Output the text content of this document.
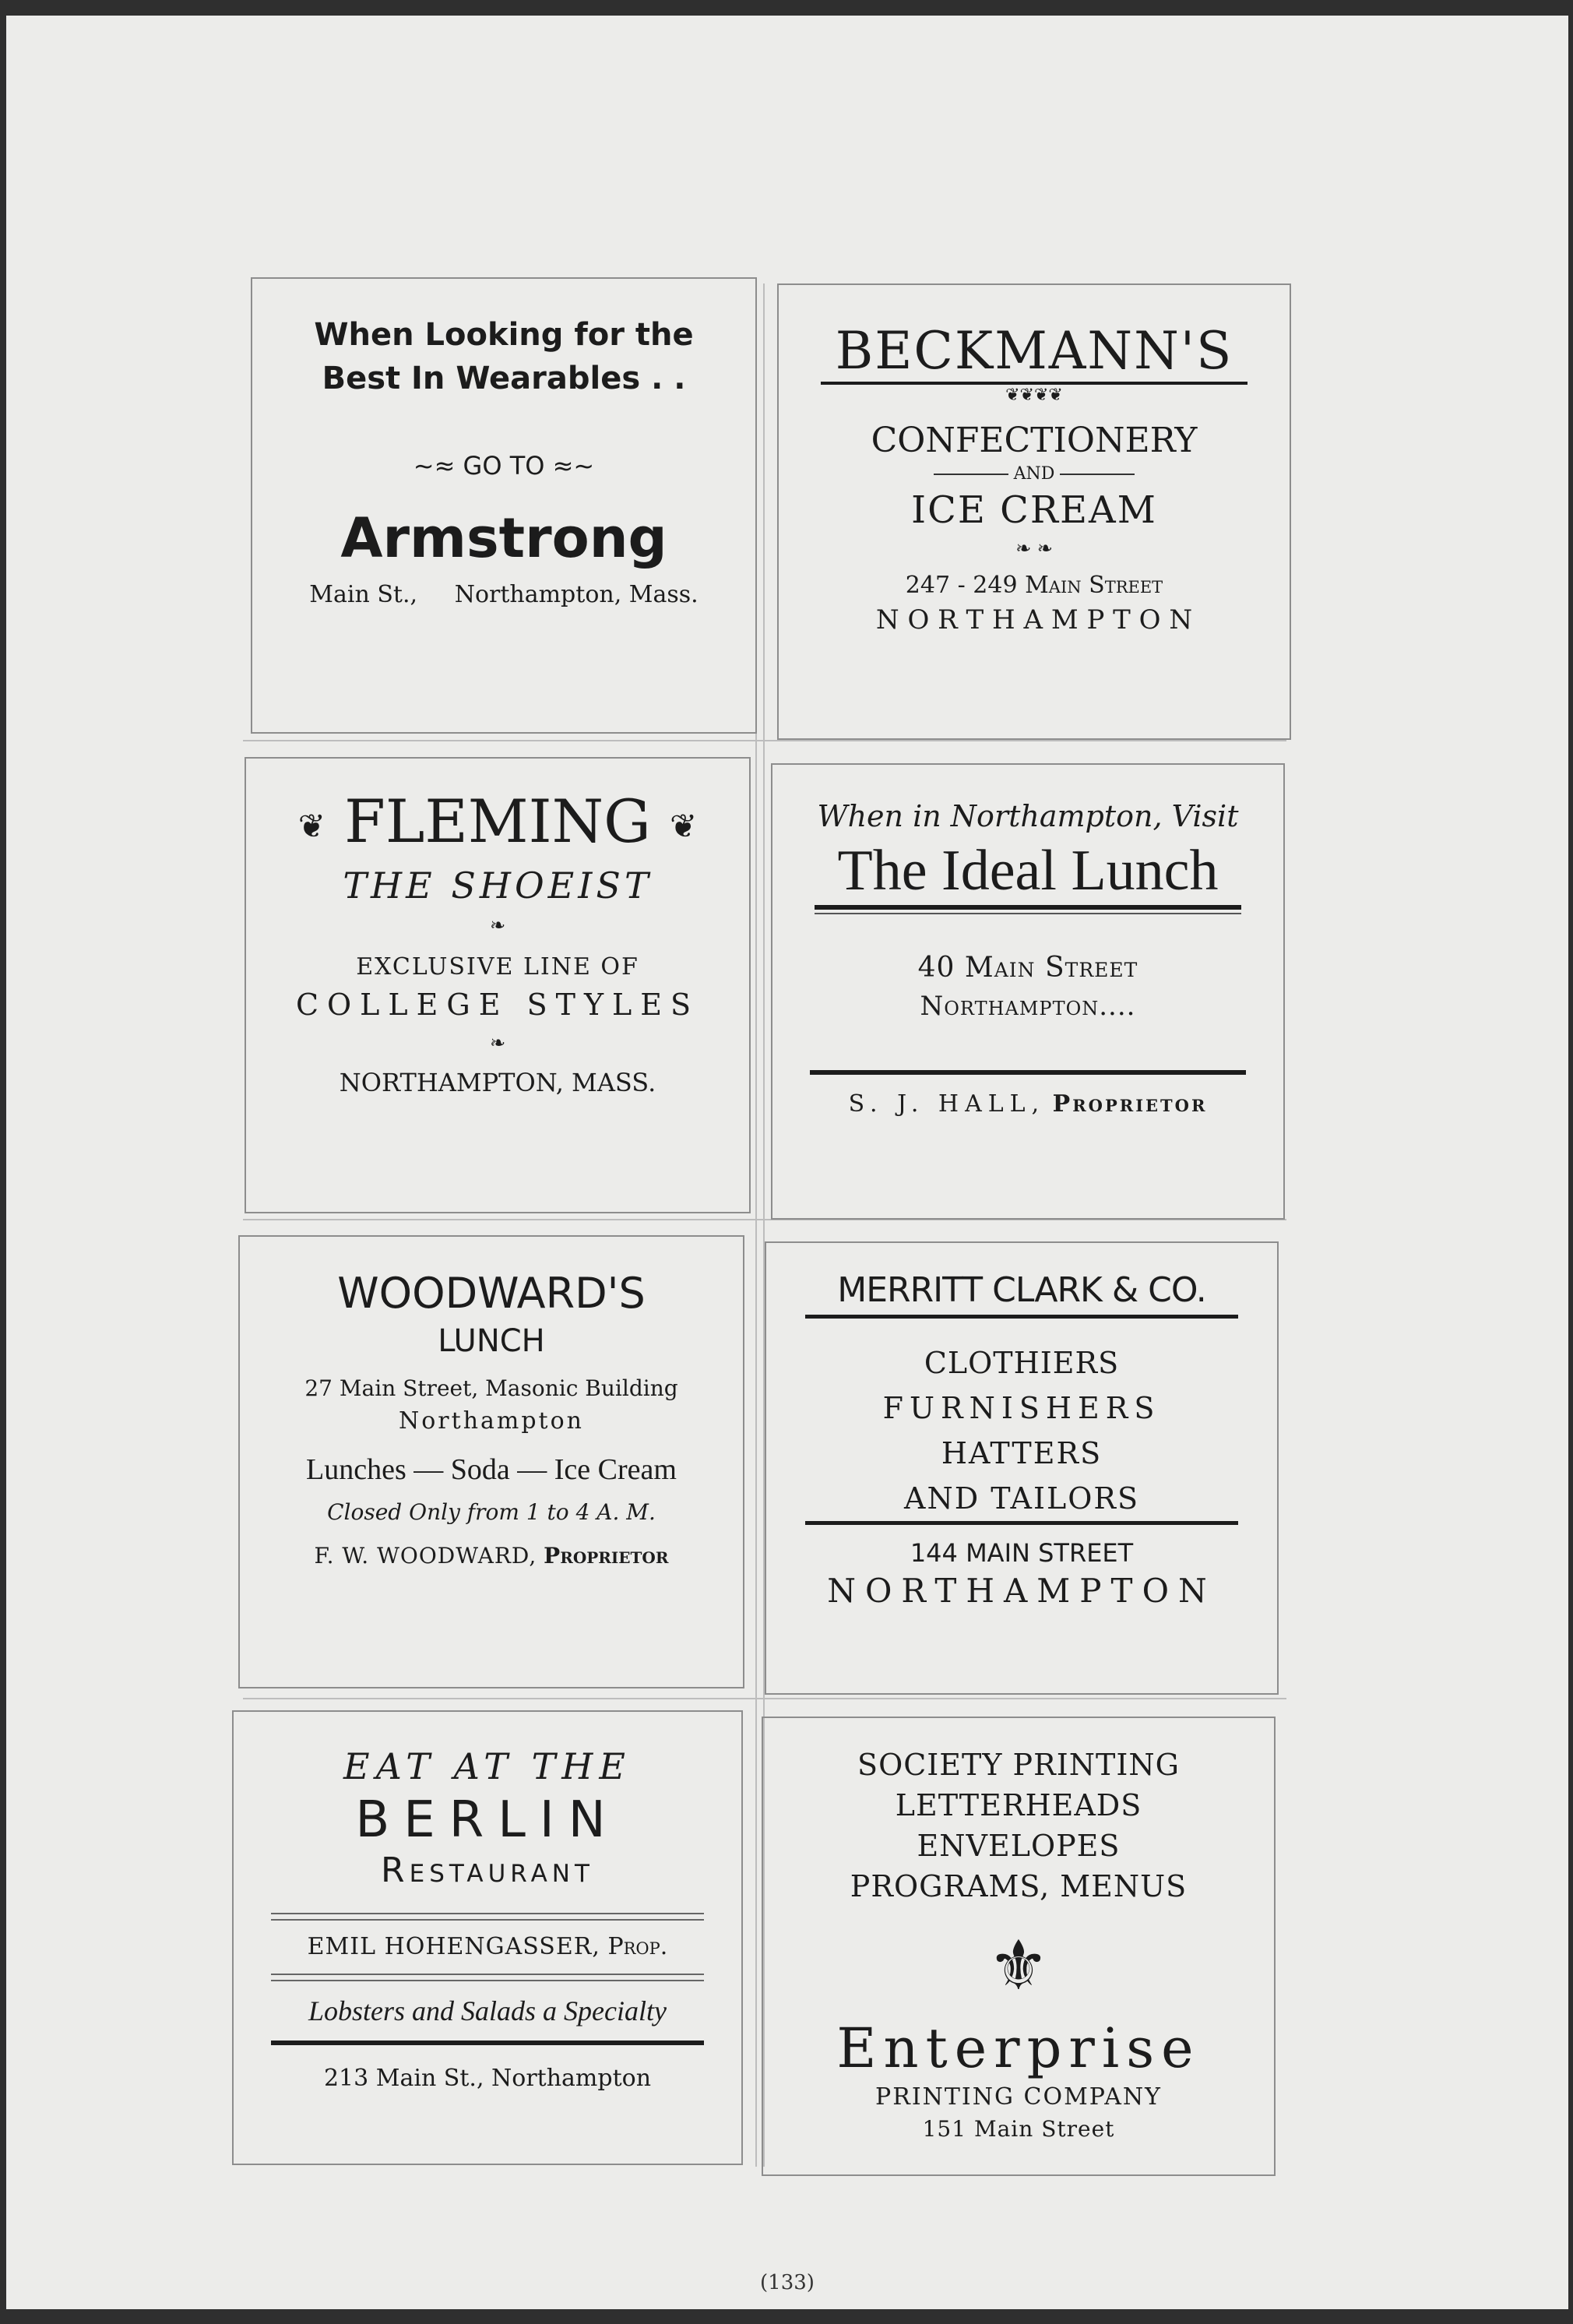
When Looking for the
Best In Wearables . .
~≈ GO TO ≈~
Armstrong
Main St.,     Northampton, Mass.
BECKMANN'S
❦❦❦❦
CONFECTIONERY
AND
ICE CREAM
❧ ❧
247 - 249 Main Street
N O R T H A M P T O N
❦ FLEMING ❦
THE SHOEIST
❧
EXCLUSIVE LINE OF
COLLEGE STYLES
❧
NORTHAMPTON, MASS.
When in Northampton, Visit
The Ideal Lunch
40 Main Street
Northampton....
S. J. HALL, Proprietor
WOODWARD'S
LUNCH
27 Main Street, Masonic Building
Northampton
Lunches — Soda — Ice Cream
Closed Only from 1 to 4 A. M.
F. W. WOODWARD, Proprietor
MERRITT CLARK & CO.
CLOTHIERS
FURNISHERS
HATTERS
AND TAILORS
144 MAIN STREET
NORTHAMPTON
EAT AT THE
BERLIN
Restaurant
EMIL HOHENGASSER, Prop.
Lobsters and Salads a Specialty
213 Main St., Northampton
SOCIETY PRINTING
LETTERHEADS
ENVELOPES
PROGRAMS, MENUS
⚜
Enterprise
PRINTING COMPANY
151 Main Street
(133)
